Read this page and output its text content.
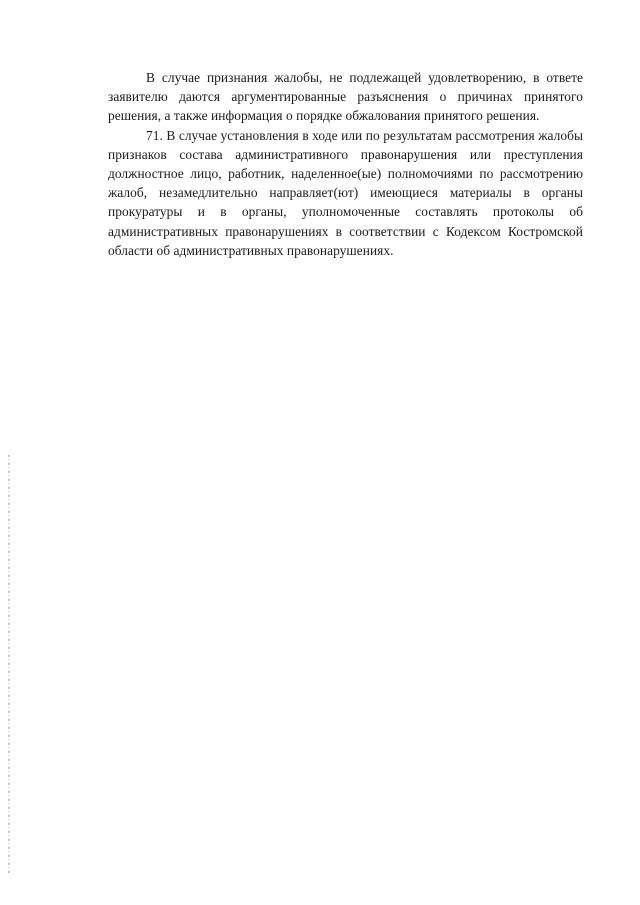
В случае признания жалобы, не подлежащей удовлетворению, в ответе заявителю даются аргументированные разъяснения о причинах принятого решения, а также информация о порядке обжалования принятого решения.

71. В случае установления в ходе или по результатам рассмотрения жалобы признаков состава административного правонарушения или преступления должностное лицо, работник, наделенное(ые) полномочиями по рассмотрению жалоб, незамедлительно направляет(ют) имеющиеся материалы в органы прокуратуры и в органы, уполномоченные составлять протоколы об административных правонарушениях в соответствии с Кодексом Костромской области об административных правонарушениях.
